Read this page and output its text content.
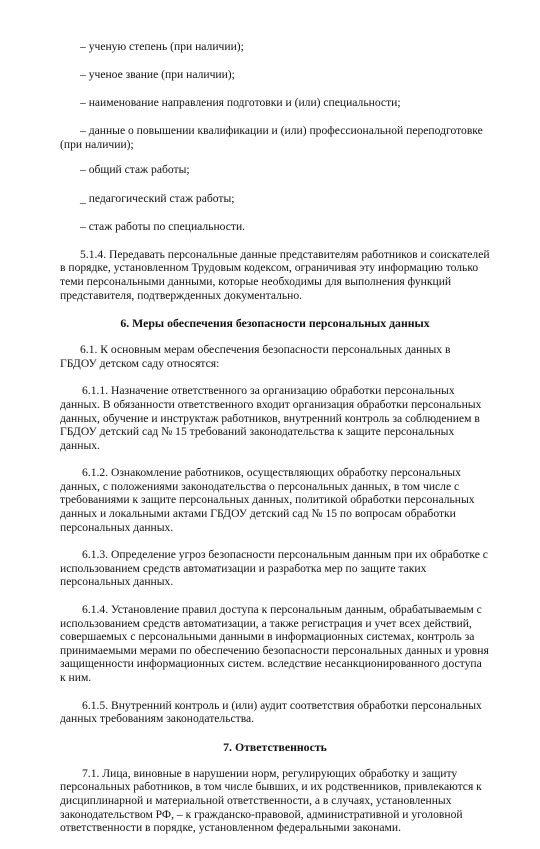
– ученую степень (при наличии);

– ученое звание (при наличии);

– наименование направления подготовки и (или) специальности;

– данные о повышении квалификации и (или) профессиональной переподготовке (при наличии);

– общий стаж работы;

_ педагогический стаж работы;

– стаж работы по специальности.

5.1.4. Передавать персональные данные представителям работников и соискателей в порядке, установленном Трудовым кодексом, ограничивая эту информацию только теми персональными данными, которые необходимы для выполнения функций представителя, подтвержденных документально.

6. Меры обеспечения безопасности персональных данных

6.1. К основным мерам обеспечения безопасности персональных данных в ГБДОУ детском саду относятся:

6.1.1. Назначение ответственного за организацию обработки персональных данных. В обязанности ответственного входит организация обработки персональных данных, обучение и инструктаж работников, внутренний контроль за соблюдением в ГБДОУ детский сад № 15 требований законодательства к защите персональных данных.

6.1.2. Ознакомление работников, осуществляющих обработку персональных данных, с положениями законодательства о персональных данных, в том числе с требованиями к защите персональных данных, политикой обработки персональных данных и локальными актами ГБДОУ детский сад № 15 по вопросам обработки персональных данных.

6.1.3. Определение угроз безопасности персональным данным при их обработке с использованием средств автоматизации и разработка мер по защите таких персональных данных.

6.1.4. Установление правил доступа к персональным данным, обрабатываемым с использованием средств автоматизации, а также регистрация и учет всех действий, совершаемых с персональными данными в информационных системах, контроль за принимаемыми мерами по обеспечению безопасности персональных данных и уровня защищенности информационных систем. вследствие несанкционированного доступа к ним.

6.1.5. Внутренний контроль и (или) аудит соответствия обработки персональных данных требованиям законодательства.

7. Ответственность

7.1. Лица, виновные в нарушении норм, регулирующих обработку и защиту персональных работников, в том числе бывших, и их родственников, привлекаются к дисциплинарной и материальной ответственности, а в случаях, установленных законодательством РФ, – к гражданско-правовой, административной и уголовной ответственности в порядке, установленном федеральными законами.
